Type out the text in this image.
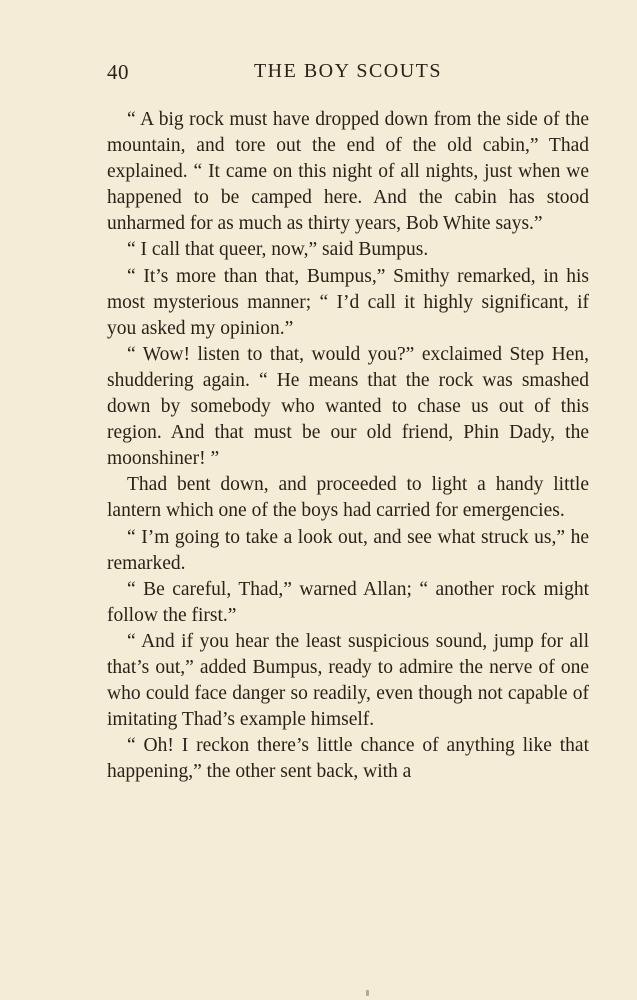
40	THE BOY SCOUTS

“ A big rock must have dropped down from the side of the mountain, and tore out the end of the old cabin,” Thad explained. “ It came on this night of all nights, just when we happened to be camped here. And the cabin has stood unharmed for as much as thirty years, Bob White says.”

“ I call that queer, now,” said Bumpus.

“ It’s more than that, Bumpus,” Smithy remarked, in his most mysterious manner; “ I’d call it highly significant, if you asked my opinion.”

“ Wow! listen to that, would you?” exclaimed Step Hen, shuddering again. “ He means that the rock was smashed down by somebody who wanted to chase us out of this region. And that must be our old friend, Phin Dady, the moonshiner! ”

Thad bent down, and proceeded to light a handy little lantern which one of the boys had carried for emergencies.

“ I’m going to take a look out, and see what struck us,” he remarked.

“ Be careful, Thad,” warned Allan; “ another rock might follow the first.”

“ And if you hear the least suspicious sound, jump for all that’s out,” added Bumpus, ready to admire the nerve of one who could face danger so readily, even though not capable of imitating Thad’s example himself.

“ Oh! I reckon there’s little chance of anything like that happening,” the other sent back, with a
